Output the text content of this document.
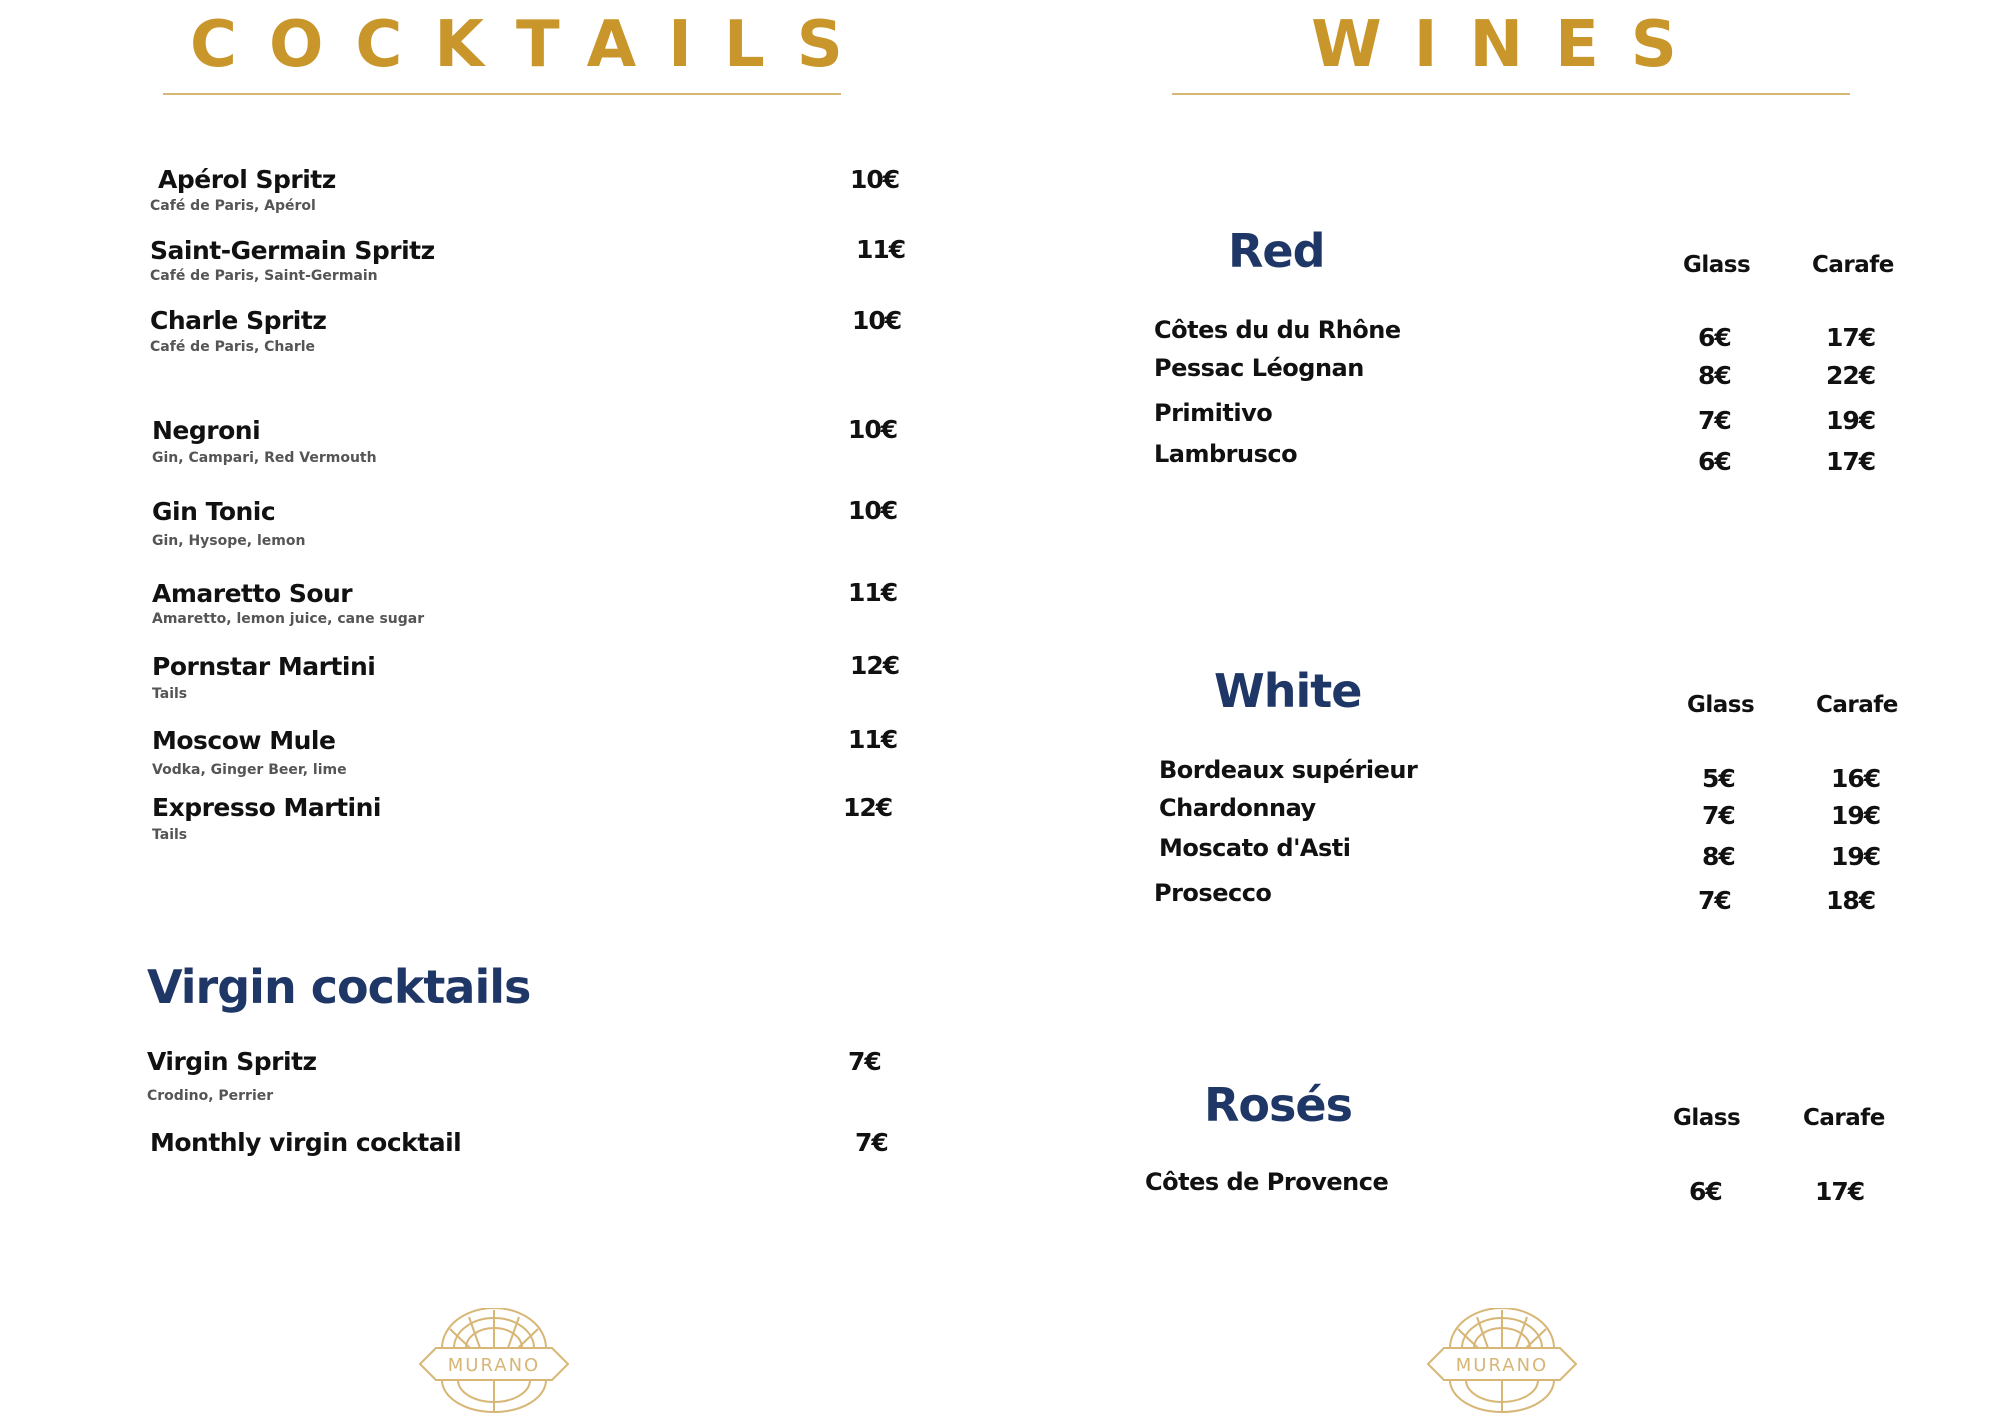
COCKTAILS
Apérol Spritz
Café de Paris, Apérol
10€
Saint-Germain Spritz
Café de Paris, Saint-Germain
11€
Charle Spritz
Café de Paris, Charle
10€
Negroni
Gin, Campari, Red Vermouth
10€
Gin Tonic
Gin, Hysope, lemon
10€
Amaretto Sour
Amaretto, lemon juice, cane sugar
11€
Pornstar Martini
Tails
12€
Moscow Mule
Vodka, Ginger Beer, lime
11€
Expresso Martini
Tails
12€
Virgin cocktails
Virgin Spritz
Crodino, Perrier
7€
Monthly virgin cocktail	7€
MURANO
WINES
Red	Glass	Carafe
Côtes du du Rhône	6€	17€
Pessac Léognan	8€	22€
Primitivo	7€	19€
Lambrusco	6€	17€
White	Glass	Carafe
Bordeaux supérieur	5€	16€
Chardonnay	7€	19€
Moscato d'Asti	8€	19€
Prosecco	7€	18€
Rosés	Glass	Carafe
Côtes de Provence	6€	17€
MURANO
